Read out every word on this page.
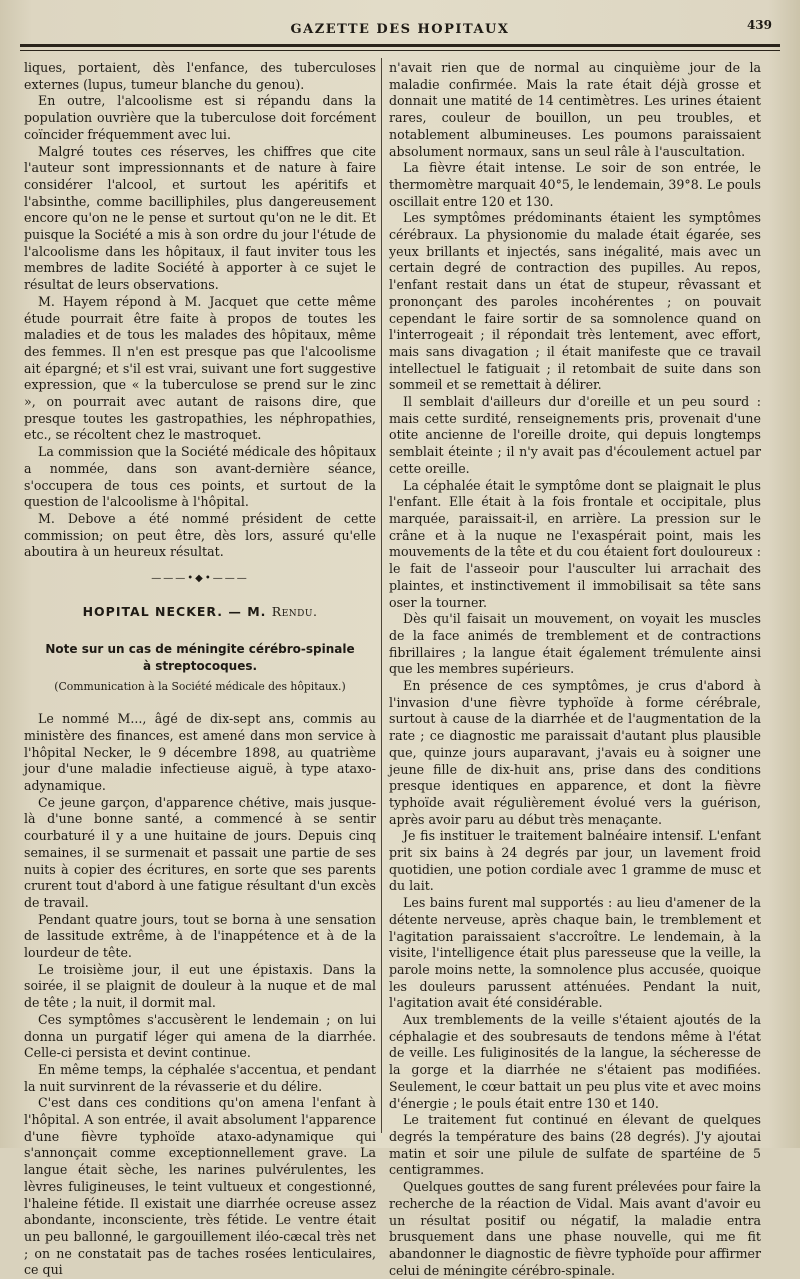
GAZETTE DES HOPITAUX	439

liques, portaient, dès l'enfance, des tuberculoses externes (lupus, tumeur blanche du genou).

En outre, l'alcoolisme est si répandu dans la population ouvrière que la tuberculose doit forcément coïncider fréquemment avec lui.

Malgré toutes ces réserves, les chiffres que cite l'auteur sont impressionnants et de nature à faire considérer l'alcool, et surtout les apéritifs et l'absinthe, comme bacilliphiles, plus dangereusement encore qu'on ne le pense et surtout qu'on ne le dit. Et puisque la Société a mis à son ordre du jour l'étude de l'alcoolisme dans les hôpitaux, il faut inviter tous les membres de ladite Société à apporter à ce sujet le résultat de leurs observations.

M. Hayem répond à M. Jacquet que cette même étude pourrait être faite à propos de toutes les maladies et de tous les malades des hôpitaux, même des femmes. Il n'en est presque pas que l'alcoolisme ait épargné; et s'il est vrai, suivant une fort suggestive expression, que « la tuberculose se prend sur le zinc », on pourrait avec autant de raisons dire, que presque toutes les gastropathies, les néphropathies, etc., se récoltent chez le mastroquet.

La commission que la Société médicale des hôpitaux a nommée, dans son avant-dernière séance, s'occupera de tous ces points, et surtout de la question de l'alcoolisme à l'hôpital.

M. Debove a été nommé président de cette commission; on peut être, dès lors, assuré qu'elle aboutira à un heureux résultat.

———•◆•———
HOPITAL NECKER. — M. Rendu.
Note sur un cas de méningite cérébro-spinale
à streptocoques.
(Communication à la Société médicale des hôpitaux.)

Le nommé M..., âgé de dix-sept ans, commis au ministère des finances, est amené dans mon service à l'hôpital Necker, le 9 décembre 1898, au quatrième jour d'une maladie infectieuse aiguë, à type ataxo-adynamique.

Ce jeune garçon, d'apparence chétive, mais jusque-là d'une bonne santé, a commencé à se sentir courbaturé il y a une huitaine de jours. Depuis cinq semaines, il se surmenait et passait une partie de ses nuits à copier des écritures, en sorte que ses parents crurent tout d'abord à une fatigue résultant d'un excès de travail.

Pendant quatre jours, tout se borna à une sensation de lassitude extrême, à de l'inappétence et à de la lourdeur de tête.

Le troisième jour, il eut une épistaxis. Dans la soirée, il se plaignit de douleur à la nuque et de mal de tête ; la nuit, il dormit mal.

Ces symptômes s'accusèrent le lendemain ; on lui donna un purgatif léger qui amena de la diarrhée. Celle-ci persista et devint continue.

En même temps, la céphalée s'accentua, et pendant la nuit survinrent de la révasserie et du délire.

C'est dans ces conditions qu'on amena l'enfant à l'hôpital. A son entrée, il avait absolument l'apparence d'une fièvre typhoïde ataxo-adynamique qui s'annonçait comme exceptionnellement grave. La langue était sèche, les narines pulvérulentes, les lèvres fuligineuses, le teint vultueux et congestionné, l'haleine fétide. Il existait une diarrhée ocreuse assez abondante, inconsciente, très fétide. Le ventre était un peu ballonné, le gargouillement iléo-cæcal très net ; on ne constatait pas de taches rosées lenticulaires, ce qui

n'avait rien que de normal au cinquième jour de la maladie confirmée. Mais la rate était déjà grosse et donnait une matité de 14 centimètres. Les urines étaient rares, couleur de bouillon, un peu troubles, et notablement albumineuses. Les poumons paraissaient absolument normaux, sans un seul râle à l'auscultation.

La fièvre était intense. Le soir de son entrée, le thermomètre marquait 40°5, le lendemain, 39°8. Le pouls oscillait entre 120 et 130.

Les symptômes prédominants étaient les symptômes cérébraux. La physionomie du malade était égarée, ses yeux brillants et injectés, sans inégalité, mais avec un certain degré de contraction des pupilles. Au repos, l'enfant restait dans un état de stupeur, rêvassant et prononçant des paroles incohérentes ; on pouvait cependant le faire sortir de sa somnolence quand on l'interrogeait ; il répondait très lentement, avec effort, mais sans divagation ; il était manifeste que ce travail intellectuel le fatiguait ; il retombait de suite dans son sommeil et se remettait à délirer.

Il semblait d'ailleurs dur d'oreille et un peu sourd : mais cette surdité, renseignements pris, provenait d'une otite ancienne de l'oreille droite, qui depuis longtemps semblait éteinte ; il n'y avait pas d'écoulement actuel par cette oreille.

La céphalée était le symptôme dont se plaignait le plus l'enfant. Elle était à la fois frontale et occipitale, plus marquée, paraissait-il, en arrière. La pression sur le crâne et à la nuque ne l'exaspérait point, mais les mouvements de la tête et du cou étaient fort douloureux : le fait de l'asseoir pour l'ausculter lui arrachait des plaintes, et instinctivement il immobilisait sa tête sans oser la tourner.

Dès qu'il faisait un mouvement, on voyait les muscles de la face animés de tremblement et de contractions fibrillaires ; la langue était également trémulente ainsi que les membres supérieurs.

En présence de ces symptômes, je crus d'abord à l'invasion d'une fièvre typhoïde à forme cérébrale, surtout à cause de la diarrhée et de l'augmentation de la rate ; ce diagnostic me paraissait d'autant plus plausible que, quinze jours auparavant, j'avais eu à soigner une jeune fille de dix-huit ans, prise dans des conditions presque identiques en apparence, et dont la fièvre typhoïde avait régulièrement évolué vers la guérison, après avoir paru au début très menaçante.

Je fis instituer le traitement balnéaire intensif. L'enfant prit six bains à 24 degrés par jour, un lavement froid quotidien, une potion cordiale avec 1 gramme de musc et du lait.

Les bains furent mal supportés : au lieu d'amener de la détente nerveuse, après chaque bain, le tremblement et l'agitation paraissaient s'accroître. Le lendemain, à la visite, l'intelligence était plus paresseuse que la veille, la parole moins nette, la somnolence plus accusée, quoique les douleurs parussent atténuées. Pendant la nuit, l'agitation avait été considérable.

Aux tremblements de la veille s'étaient ajoutés de la céphalagie et des soubresauts de tendons même à l'état de veille. Les fuliginosités de la langue, la sécheresse de la gorge et la diarrhée ne s'étaient pas modifiées. Seulement, le cœur battait un peu plus vite et avec moins d'énergie ; le pouls était entre 130 et 140.

Le traitement fut continué en élevant de quelques degrés la température des bains (28 degrés). J'y ajoutai matin et soir une pilule de sulfate de spartéine de 5 centigrammes.

Quelques gouttes de sang furent prélevées pour faire la recherche de la réaction de Vidal. Mais avant d'avoir eu un résultat positif ou négatif, la maladie entra brusquement dans une phase nouvelle, qui me fit abandonner le diagnostic de fièvre typhoïde pour affirmer celui de méningite cérébro-spinale.
